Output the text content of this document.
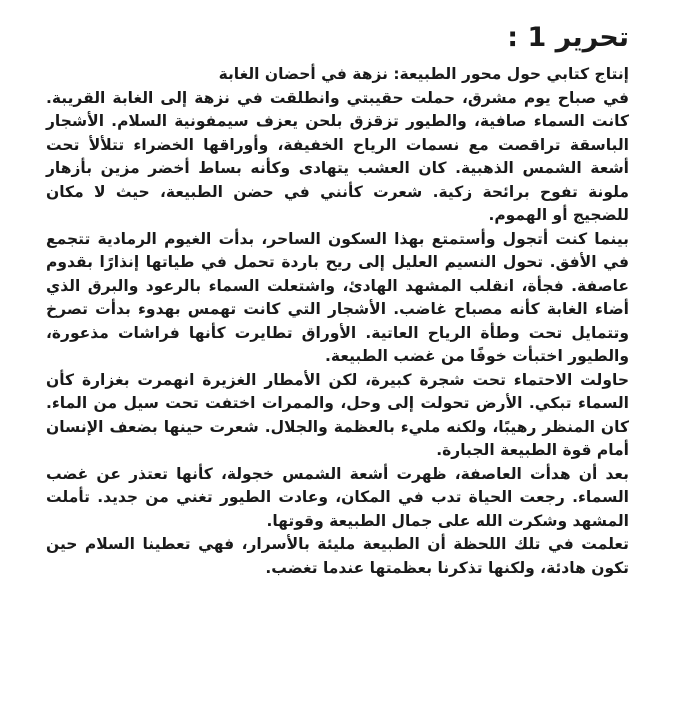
تحرير 1 :

إنتاج كتابي حول محور الطبيعة: نزهة في أحضان الغابة

في صباح يوم مشرق، حملت حقيبتي وانطلقت في نزهة إلى الغابة القريبة. كانت السماء صافية، والطيور تزقزق بلحن يعزف سيمفونية السلام. الأشجار الباسقة تراقصت مع نسمات الرياح الخفيفة، وأوراقها الخضراء تتلألأ تحت أشعة الشمس الذهبية. كان العشب يتهادى وكأنه بساط أخضر مزين بأزهار ملونة تفوح برائحة زكية. شعرت كأنني في حضن الطبيعة، حيث لا مكان للضجيج أو الهموم.

بينما كنت أتجول وأستمتع بهذا السكون الساحر، بدأت الغيوم الرمادية تتجمع في الأفق. تحول النسيم العليل إلى ريح باردة تحمل في طياتها إنذارًا بقدوم عاصفة. فجأة، انقلب المشهد الهادئ، واشتعلت السماء بالرعود والبرق الذي أضاء الغابة كأنه مصباح غاضب. الأشجار التي كانت تهمس بهدوء بدأت تصرخ وتتمايل تحت وطأة الرياح العاتية. الأوراق تطايرت كأنها فراشات مذعورة، والطيور اختبأت خوفًا من غضب الطبيعة.

حاولت الاحتماء تحت شجرة كبيرة، لكن الأمطار الغزيرة انهمرت بغزارة كأن السماء تبكي. الأرض تحولت إلى وحل، والممرات اختفت تحت سيل من الماء. كان المنظر رهيبًا، ولكنه مليء بالعظمة والجلال. شعرت حينها بضعف الإنسان أمام قوة الطبيعة الجبارة.

بعد أن هدأت العاصفة، ظهرت أشعة الشمس خجولة، كأنها تعتذر عن غضب السماء. رجعت الحياة تدب في المكان، وعادت الطيور تغني من جديد. تأملت المشهد وشكرت الله على جمال الطبيعة وقوتها.

تعلمت في تلك اللحظة أن الطبيعة مليئة بالأسرار، فهي تعطينا السلام حين تكون هادئة، ولكنها تذكرنا بعظمتها عندما تغضب.
